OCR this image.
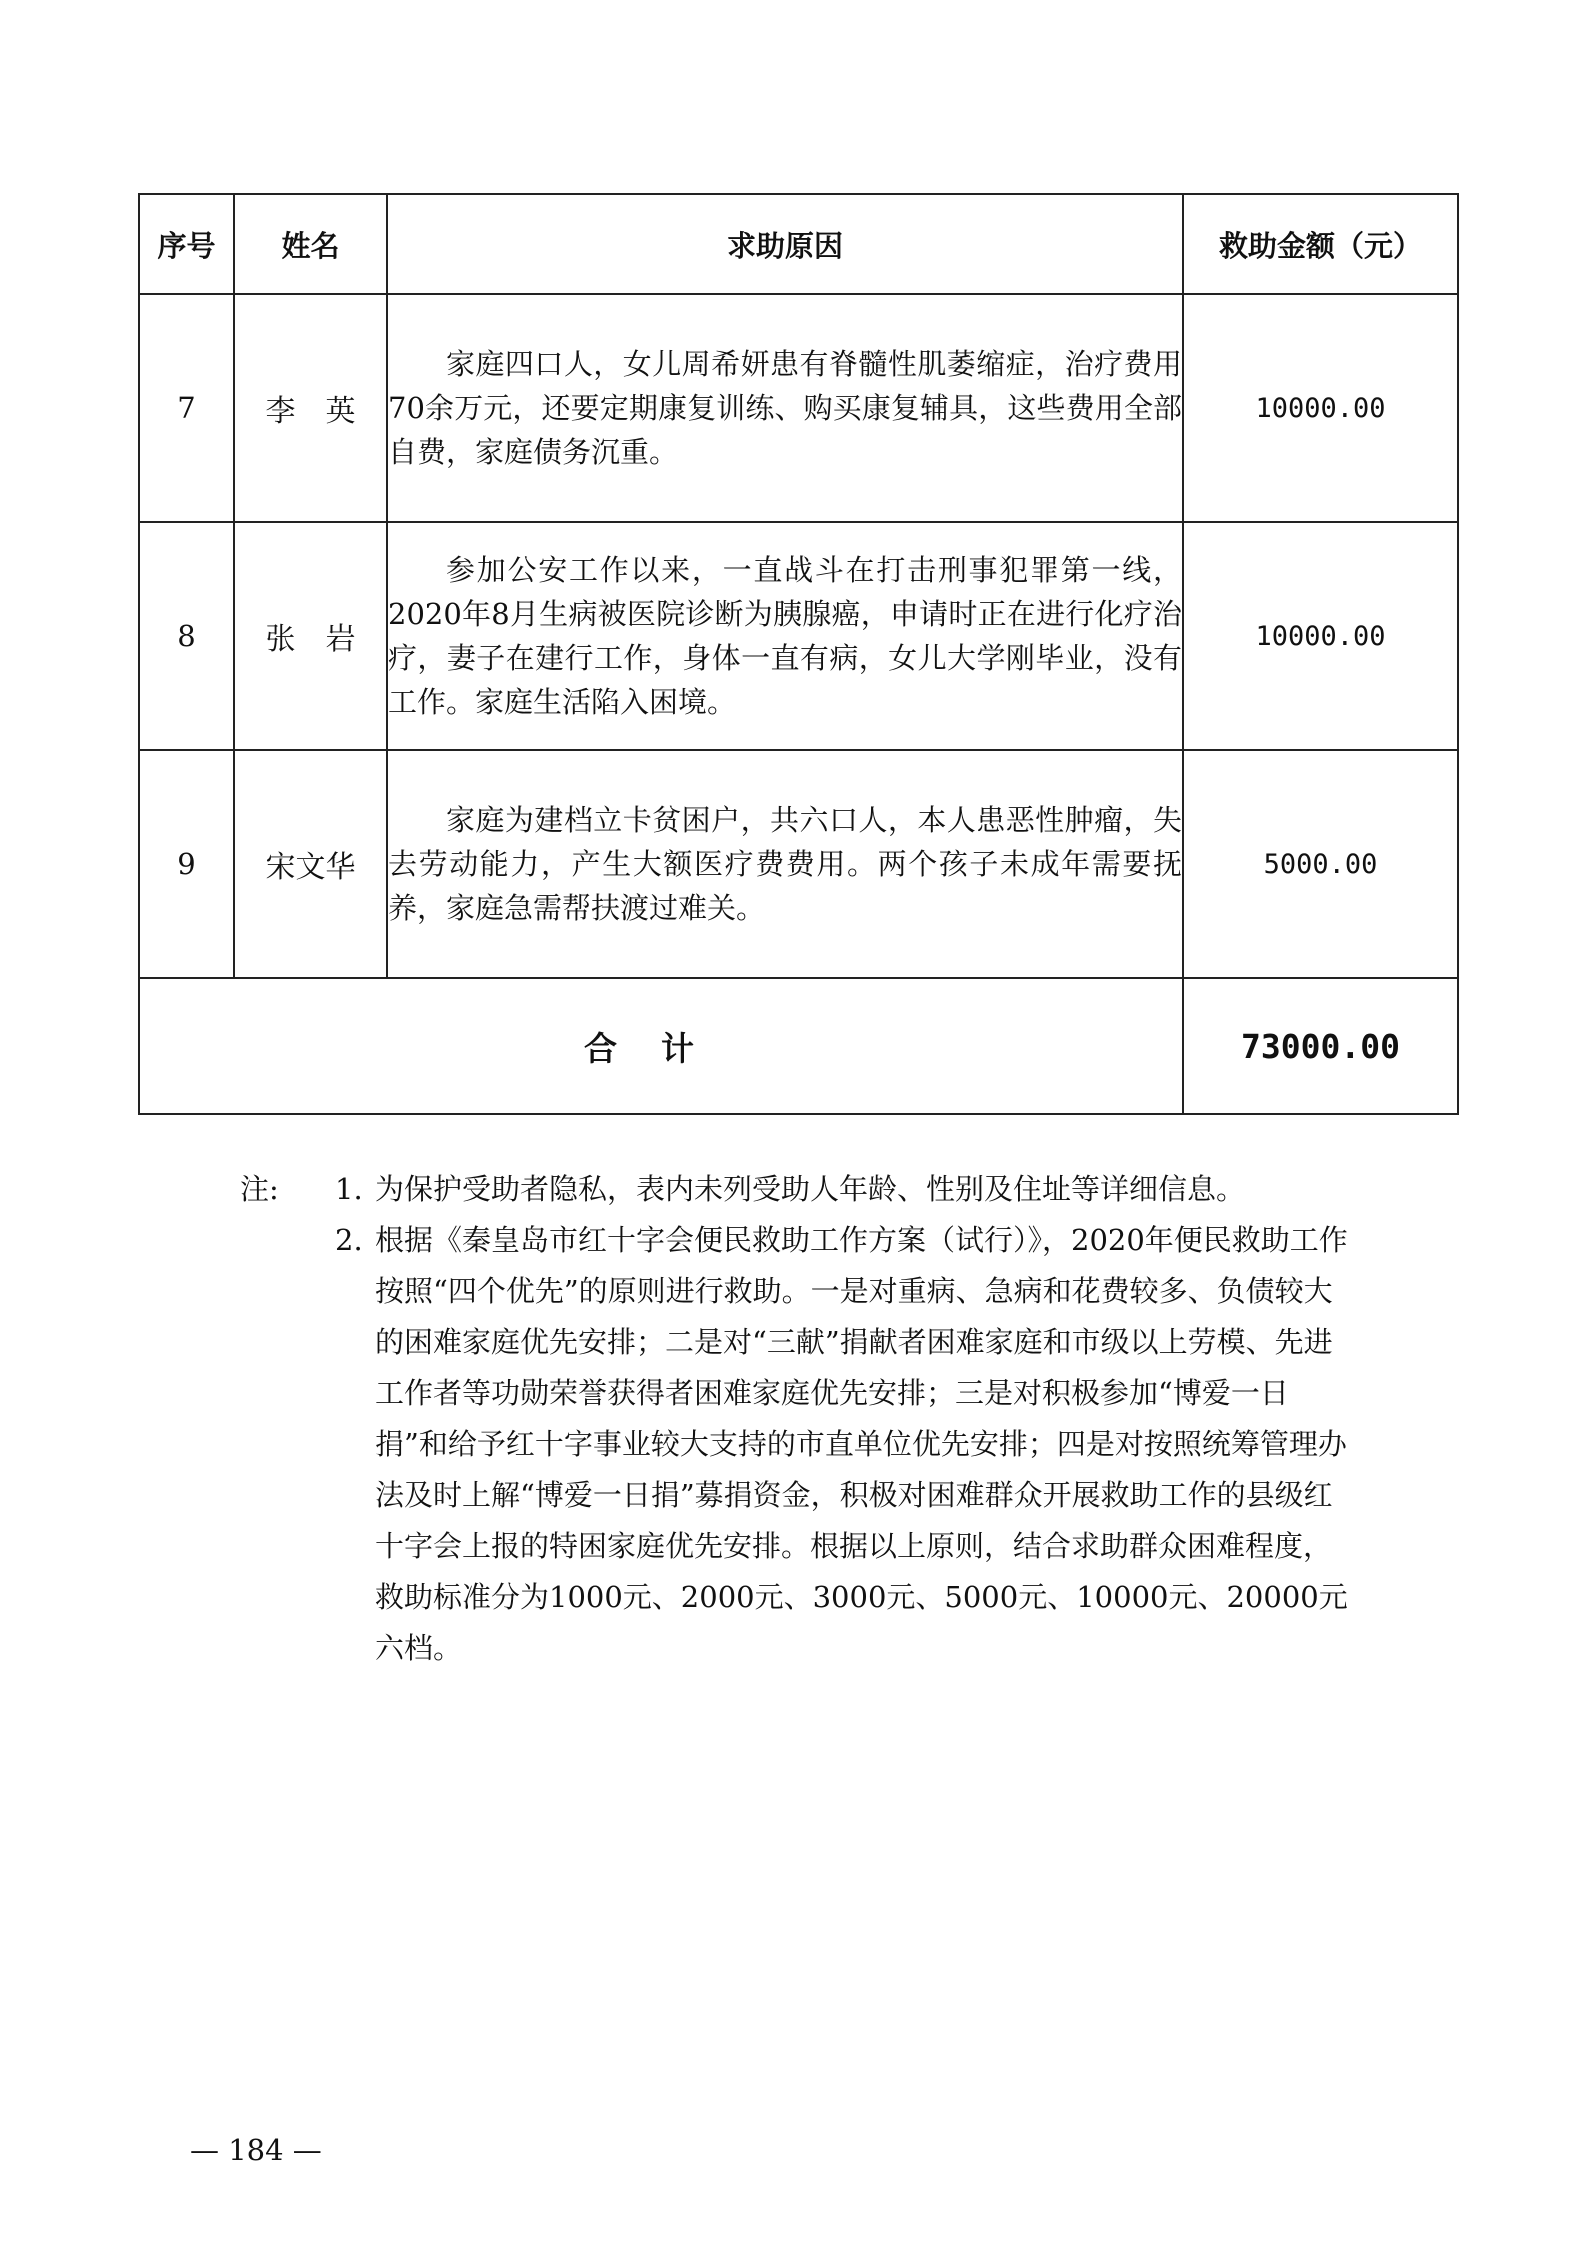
序号	姓名	求助原因	救助金额（元）
7	李　英	家庭四口人，女儿周希妍患有脊髓性肌萎缩症，治疗费用70余万元，还要定期康复训练、购买康复辅具，这些费用全部自费，家庭债务沉重。	10000.00
8	张　岩	参加公安工作以来，一直战斗在打击刑事犯罪第一线，2020年8月生病被医院诊断为胰腺癌，申请时正在进行化疗治疗，妻子在建行工作，身体一直有病，女儿大学刚毕业，没有工作。家庭生活陷入困境。	10000.00
9	宋文华	家庭为建档立卡贫困户，共六口人，本人患恶性肿瘤，失去劳动能力，产生大额医疗费费用。两个孩子未成年需要抚养，家庭急需帮扶渡过难关。	5000.00
合计			73000.00
注: 1. 为保护受助者隐私，表内未列受助人年龄、性别及住址等详细信息。
2. 根据《秦皇岛市红十字会便民救助工作方案（试行）》，2020年便民救助工作按照“四个优先”的原则进行救助。一是对重病、急病和花费较多、负债较大的困难家庭优先安排；二是对“三献”捐献者困难家庭和市级以上劳模、先进工作者等功勋荣誉获得者困难家庭优先安排；三是对积极参加“博爱一日捐”和给予红十字事业较大支持的市直单位优先安排；四是对按照统筹管理办法及时上解“博爱一日捐”募捐资金，积极对困难群众开展救助工作的县级红十字会上报的特困家庭优先安排。根据以上原则，结合求助群众困难程度，救助标准分为1000元、2000元、3000元、5000元、10000元、20000元六档。
— 184 —
